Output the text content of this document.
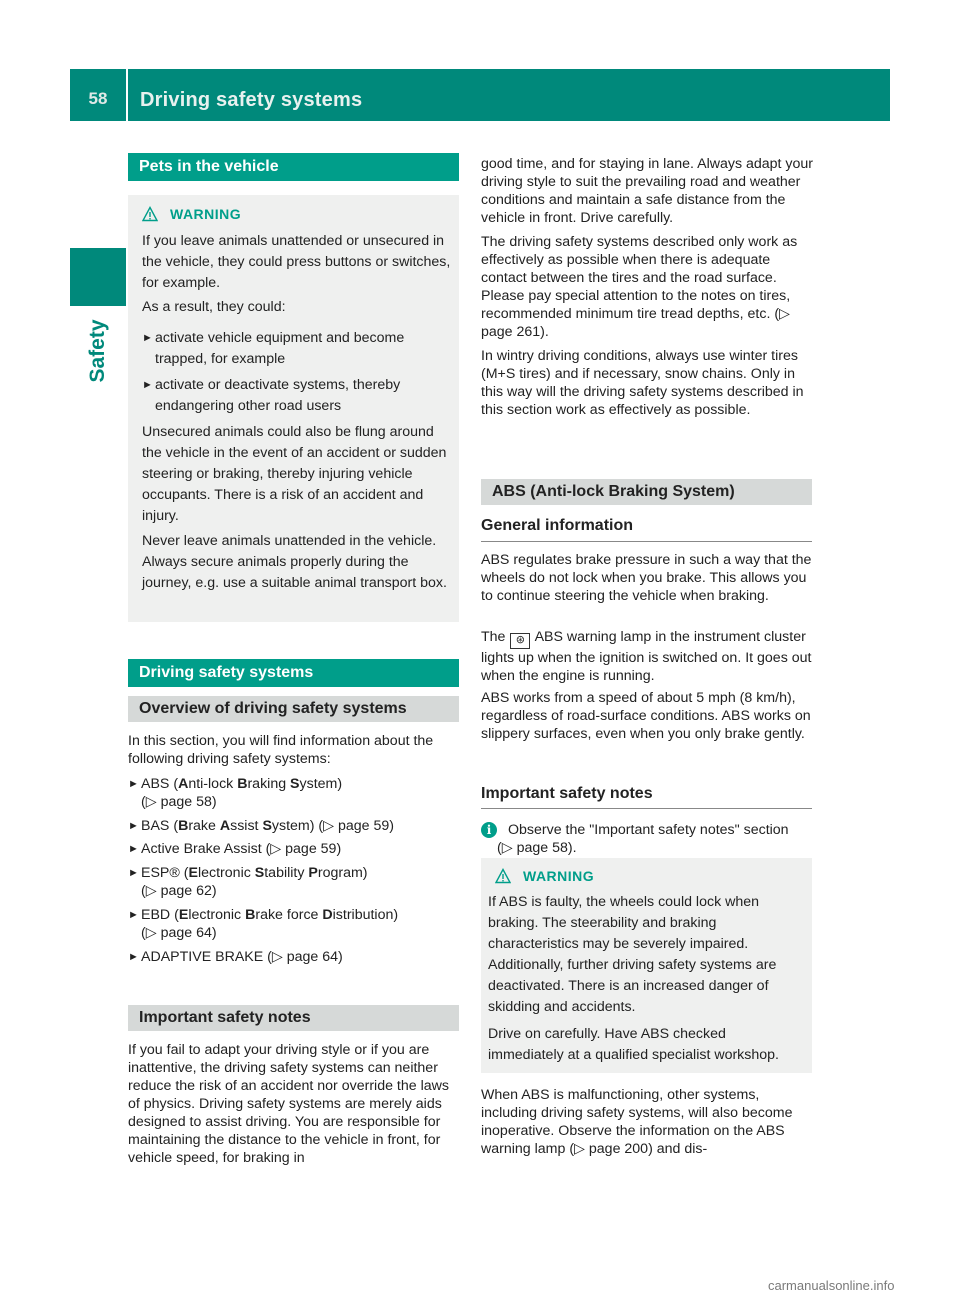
58	Driving safety systems
Safety
Pets in the vehicle
WARNING
If you leave animals unattended or unsecured in the vehicle, they could press buttons or switches, for example.
As a result, they could:
► activate vehicle equipment and become trapped, for example
► activate or deactivate systems, thereby endangering other road users
Unsecured animals could also be flung around the vehicle in the event of an accident or sudden steering or braking, thereby injuring vehicle occupants. There is a risk of an accident and injury.
Never leave animals unattended in the vehicle. Always secure animals properly during the journey, e.g. use a suitable animal transport box.
Driving safety systems
Overview of driving safety systems
In this section, you will find information about the following driving safety systems:
► ABS (Anti-lock Braking System)
(▷ page 58)
► BAS (Brake Assist System) (▷ page 59)
► Active Brake Assist (▷ page 59)
► ESP® (Electronic Stability Program)
(▷ page 62)
► EBD (Electronic Brake force Distribution)
(▷ page 64)
► ADAPTIVE BRAKE (▷ page 64)
Important safety notes
If you fail to adapt your driving style or if you are inattentive, the driving safety systems can neither reduce the risk of an accident nor override the laws of physics. Driving safety systems are merely aids designed to assist driving. You are responsible for maintaining the distance to the vehicle in front, for vehicle speed, for braking in
good time, and for staying in lane. Always adapt your driving style to suit the prevailing road and weather conditions and maintain a safe distance from the vehicle in front. Drive carefully.
The driving safety systems described only work as effectively as possible when there is adequate contact between the tires and the road surface. Please pay special attention to the notes on tires, recommended minimum tire tread depths, etc. (▷ page 261).
In wintry driving conditions, always use winter tires (M+S tires) and if necessary, snow chains. Only in this way will the driving safety systems described in this section work as effectively as possible.
ABS (Anti-lock Braking System)
General information
ABS regulates brake pressure in such a way that the wheels do not lock when you brake. This allows you to continue steering the vehicle when braking.
The ⊛ ABS warning lamp in the instrument cluster lights up when the ignition is switched on. It goes out when the engine is running.
ABS works from a speed of about 5 mph (8 km/h), regardless of road-surface conditions. ABS works on slippery surfaces, even when you only brake gently.
Important safety notes
i	Observe the "Important safety notes" section (▷ page 58).
WARNING
If ABS is faulty, the wheels could lock when braking. The steerability and braking characteristics may be severely impaired. Additionally, further driving safety systems are deactivated. There is an increased danger of skidding and accidents.
Drive on carefully. Have ABS checked immediately at a qualified specialist workshop.
When ABS is malfunctioning, other systems, including driving safety systems, will also become inoperative. Observe the information on the ABS warning lamp (▷ page 200) and dis-
carmanualsonline.info
